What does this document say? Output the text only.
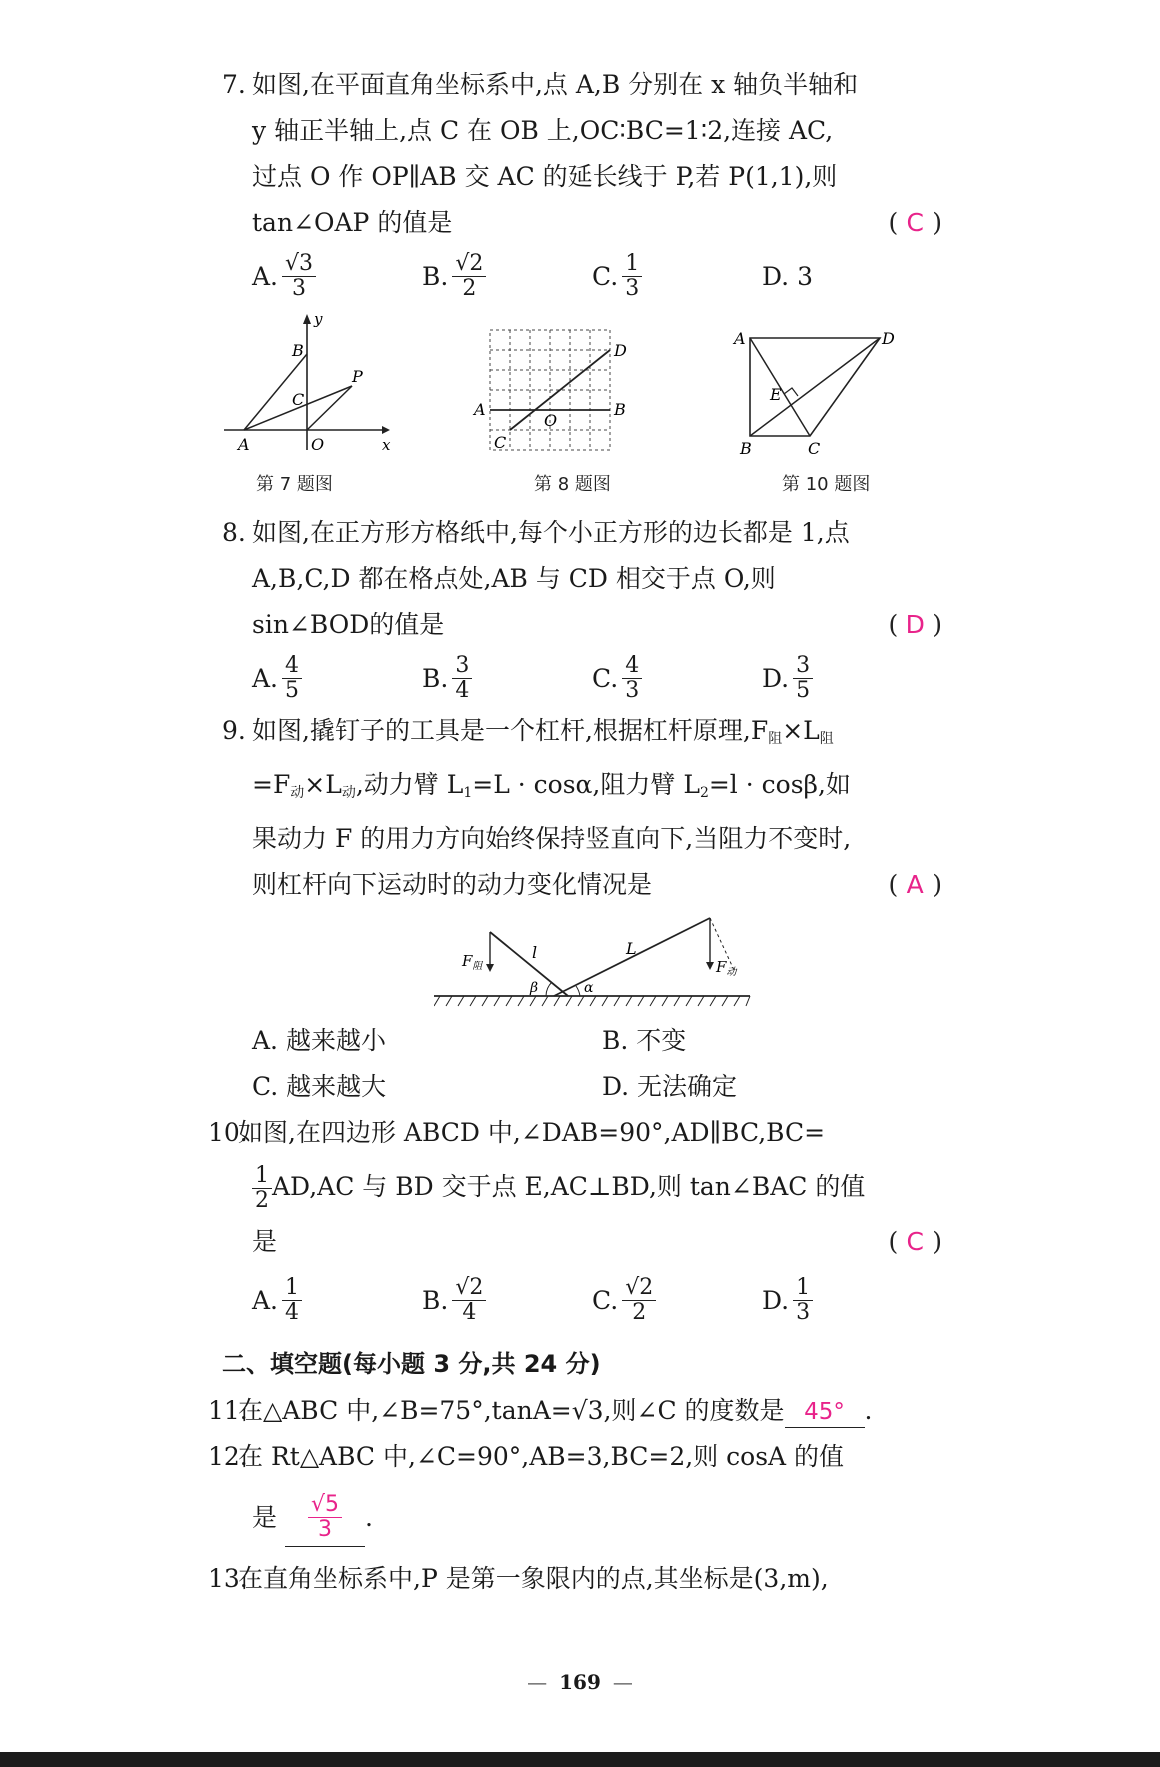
7. 如图,在平面直角坐标系中,点 A,B 分别在 x 轴负半轴和
y 轴正半轴上,点 C 在 OB 上,OC∶BC=1∶2,连接 AC,
过点 O 作 OP∥AB 交 AC 的延长线于 P,若 P(1,1),则
tan∠OAP 的值是	( C )
A. $\frac{√3}{3}$	B. $\frac{√2}{2}$	C. $\frac{1}{3}$	D.
3
y
x
B
P
C
A	O
第 7 题图
D
A
O
B
C
第 8 题图
A	D
E
B	C
第 10 题图
8. 如图,在正方形方格纸中,每个小正方形的边长都是 1,点
A,B,C,D 都在格点处,AB 与 CD 相交于点 O,则
sin∠BOD的值是	( D )
A. $\frac{4}{5}$	B. $\frac{3}{4}$	C. $\frac{4}{3}$	D. $\frac{3}{5}$
9. 如图,撬钉子的工具是一个杠杆,根据杠杆原理$,F_阻\times L_阻$
$=F_动\times L_动$,动力臂 $L_1=L \cdot \cos\alpha$,阻力臂 $L_2=l \cdot \cos\beta$,如
果动力 F 的用力方向始终保持竖直向下,当阻力不变时,
则杠杆向下运动时的动力变化情况是	( A )
$F_阻$
l	L
$F_动$
β	α
A. 越来越小	B. 不变
C. 越来越大	D. 无法确定
10.如图,在四边形 ABCD 中,∠DAB=90°,AD∥BC,BC=
$\frac{1}{2} AD,AC$ 与 BD 交于点 E,AC⊥BD,则 tan∠BAC 的值
是	( C )
A. $\frac{1}{4}$	B. $\frac{√2}{4}$	C. $\frac{√2}{2}$	D. $\frac{1}{3}$
二、填空题(每小题 3 分,共 24 分)
11.在△ABC 中,∠B=75°,tanA=√3,则∠C 的度数是 45° .
12.在 Rt△ABC 中,∠C=90°,AB=3,BC=2,则 cosA 的值
是 $\frac{√5}{3}$ .
13.在直角坐标系中,P 是第一象限内的点,其坐标是(3,m),
— 169 —
